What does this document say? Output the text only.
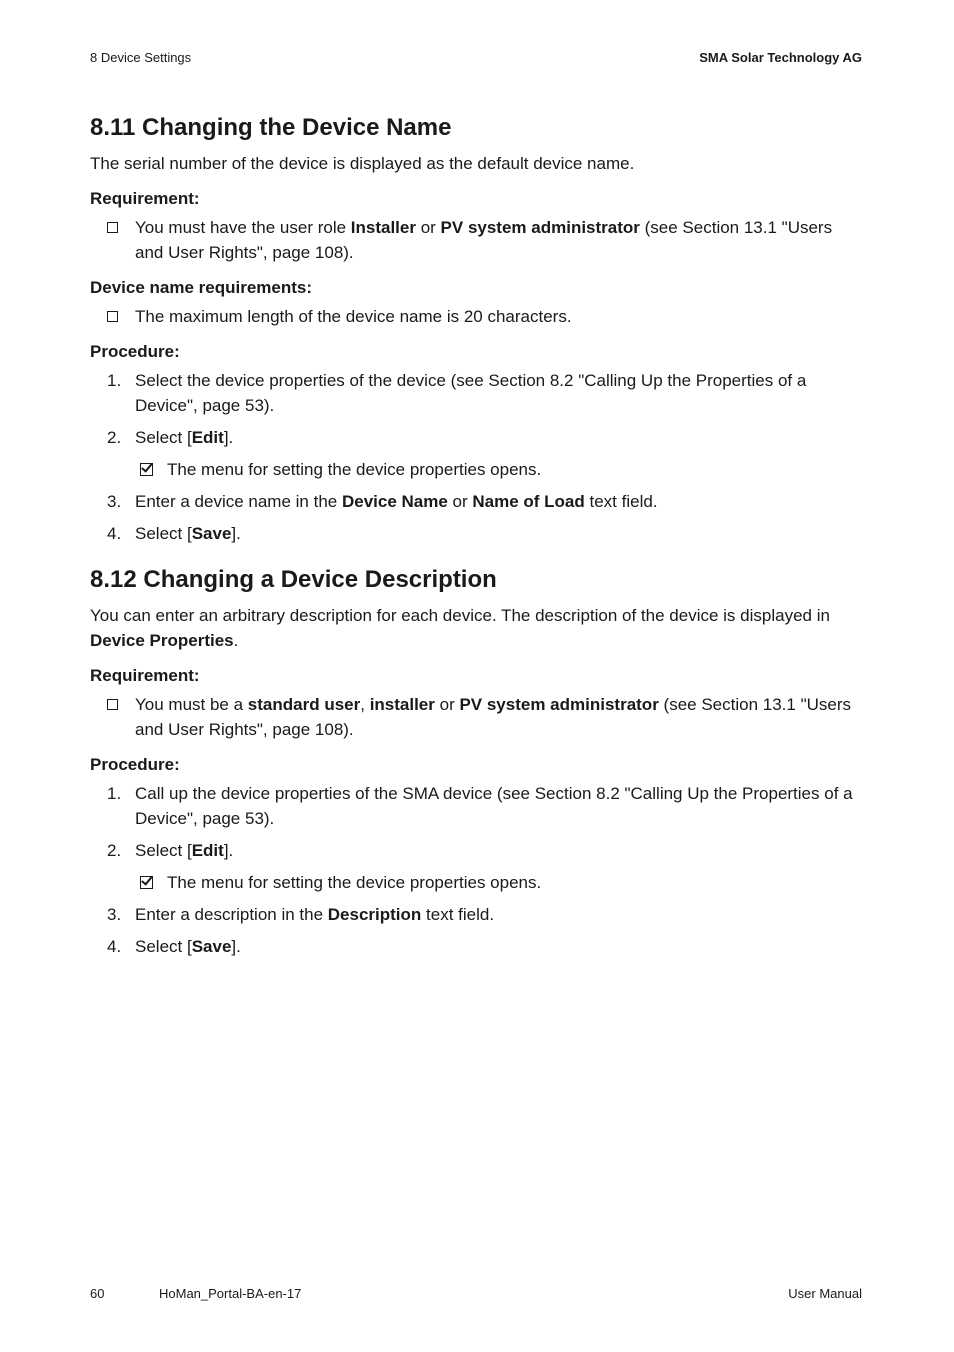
8 Device Settings	SMA Solar Technology AG
8.11 Changing the Device Name

The serial number of the device is displayed as the default device name.

Requirement:
You must have the user role Installer or PV system administrator (see Section 13.1 "Users and User Rights", page 108).
Device name requirements:
The maximum length of the device name is 20 characters.
Procedure:
1. Select the device properties of the device (see Section 8.2 "Calling Up the Properties of a Device", page 53).
2. Select [Edit].
The menu for setting the device properties opens.
3. Enter a device name in the Device Name or Name of Load text field.
4. Select [Save].
8.12 Changing a Device Description

You can enter an arbitrary description for each device. The description of the device is displayed in Device Properties.

Requirement:
You must be a standard user, installer or PV system administrator (see Section 13.1 "Users and User Rights", page 108).
Procedure:
1. Call up the device properties of the SMA device (see Section 8.2 "Calling Up the Properties of a Device", page 53).
2. Select [Edit].
The menu for setting the device properties opens.
3. Enter a description in the Description text field.
4. Select [Save].
60	HoMan_Portal-BA-en-17	User Manual
